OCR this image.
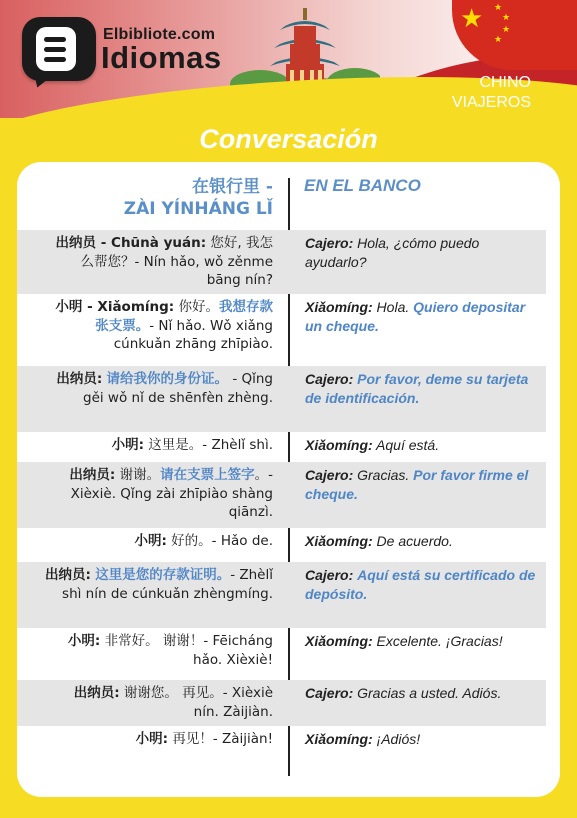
★ ★
★
★
★
Elbibliote.com
Idiomas
CHINO
VIAJEROS
Conversación
在银行里 -
ZÀI YÍNHÁNG LǏ
EN EL BANCO
出纳员 - Chūnà yuán: 您好, 我怎么帮您？- Nín hǎo, wǒ zěnme bāng nín?
Cajero: Hola, ¿cómo puedo ayudarlo?
小明 - Xiǎomíng: 你好。我想存款张支票。- Nǐ hǎo. Wǒ xiǎng cúnkuǎn zhāng zhīpiào.
Xiǎomíng: Hola. Quiero depositar un cheque.
出纳员: 请给我你的身份证。 - Qǐng gěi wǒ nǐ de shēnfèn zhèng.
Cajero: Por favor, deme su tarjeta de identificación.
小明: 这里是。- Zhèlǐ shì. Xiǎomíng: Aquí está.
出纳员: 谢谢。请在支票上签字。- Xièxiè. Qǐng zài zhīpiào shàng qiānzì.
Cajero: Gracias. Por favor firme el cheque.
小明: 好的。- Hǎo de. Xiǎomíng: De acuerdo.
出纳员: 这里是您的存款证明。- Zhèlǐ shì nín de cúnkuǎn zhèngmíng.
Cajero: Aquí está su certificado de depósito.
小明: 非常好。 谢谢！- Fēicháng hǎo. Xièxiè!
Xiǎomíng: Excelente. ¡Gracias!
出纳员: 谢谢您。 再见。- Xièxiè nín. Zàijiàn.
Cajero: Gracias a usted. Adiós.
小明: 再见！- Zàijiàn! Xiǎomíng: ¡Adiós!
